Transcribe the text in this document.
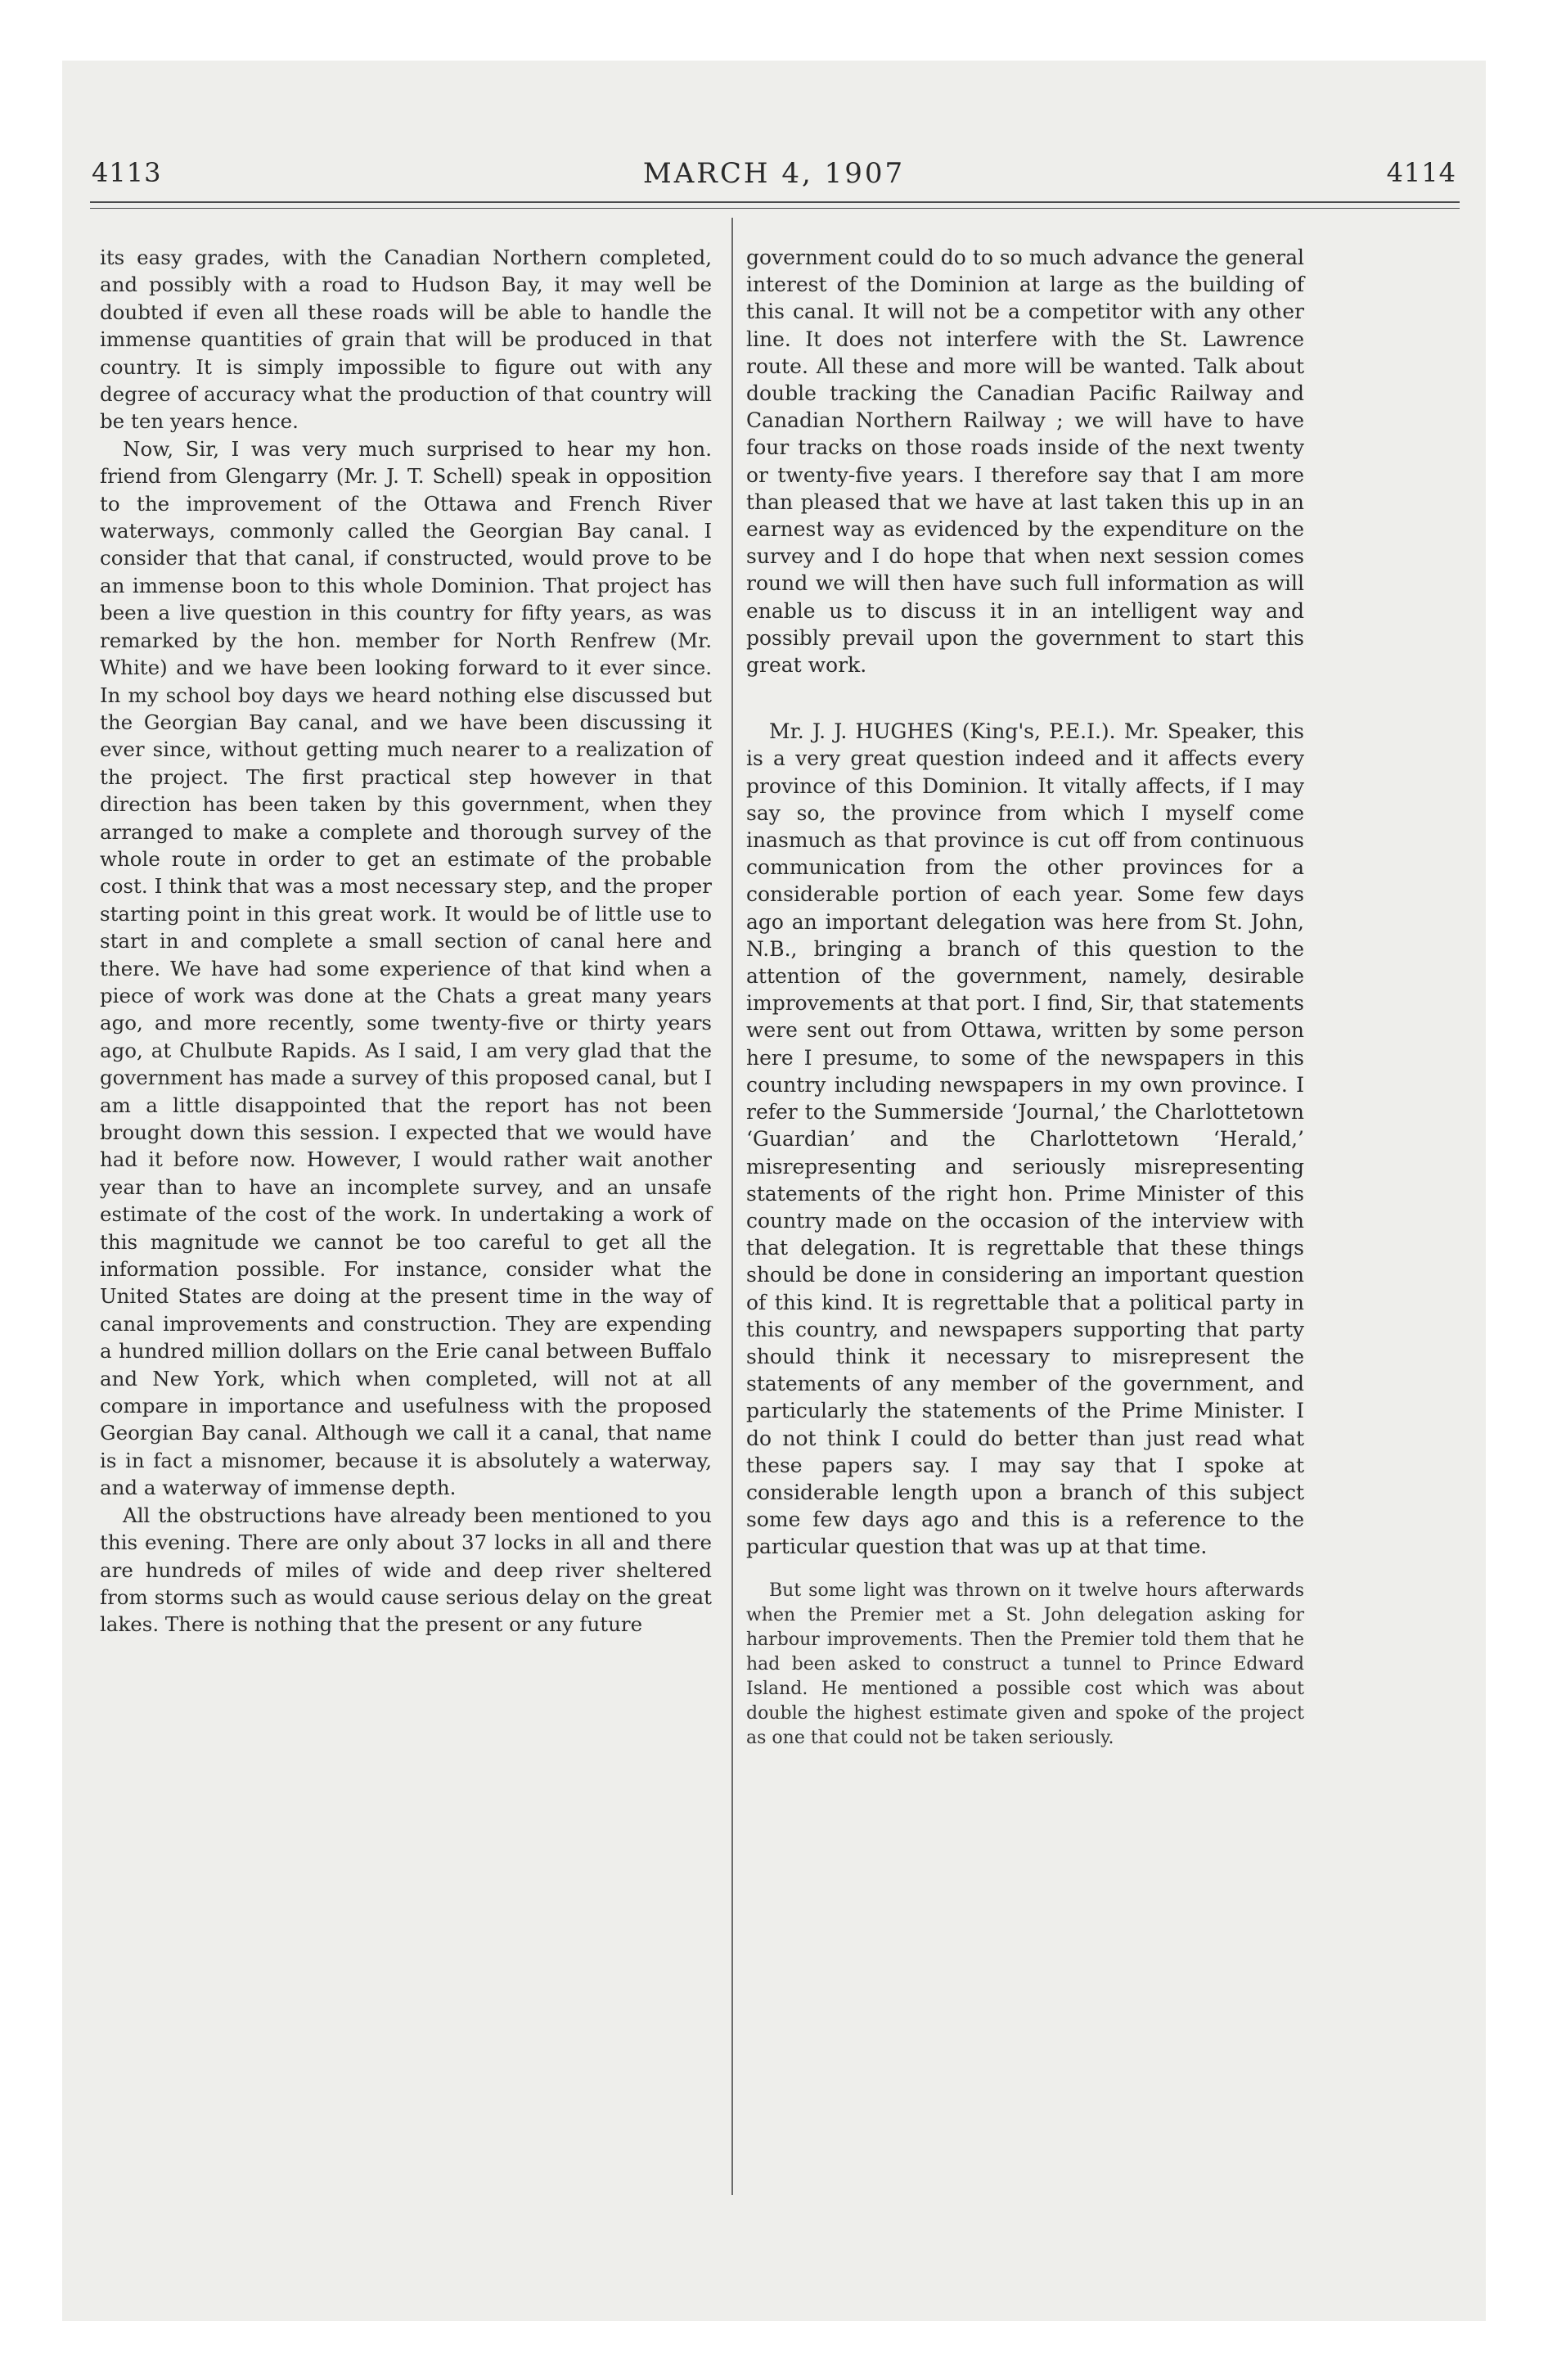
4113	MARCH 4, 1907	4114

its easy grades, with the Canadian Northern completed, and possibly with a road to Hudson Bay, it may well be doubted if even all these roads will be able to handle the immense quantities of grain that will be produced in that country. It is simply impossible to figure out with any degree of accuracy what the production of that country will be ten years hence.

Now, Sir, I was very much surprised to hear my hon. friend from Glengarry (Mr. J. T. Schell) speak in opposition to the improvement of the Ottawa and French River waterways, commonly called the Georgian Bay canal. I consider that that canal, if constructed, would prove to be an immense boon to this whole Dominion. That project has been a live question in this country for fifty years, as was remarked by the hon. member for North Renfrew (Mr. White) and we have been looking forward to it ever since. In my school boy days we heard nothing else discussed but the Georgian Bay canal, and we have been discussing it ever since, without getting much nearer to a realization of the project. The first practical step however in that direction has been taken by this government, when they arranged to make a complete and thorough survey of the whole route in order to get an estimate of the probable cost. I think that was a most necessary step, and the proper starting point in this great work. It would be of little use to start in and complete a small section of canal here and there. We have had some experience of that kind when a piece of work was done at the Chats a great many years ago, and more recently, some twenty-five or thirty years ago, at Chulbute Rapids. As I said, I am very glad that the government has made a survey of this proposed canal, but I am a little disappointed that the report has not been brought down this session. I expected that we would have had it before now. However, I would rather wait another year than to have an incomplete survey, and an unsafe estimate of the cost of the work. In undertaking a work of this magnitude we cannot be too careful to get all the information possible. For instance, consider what the United States are doing at the present time in the way of canal improvements and construction. They are expending a hundred million dollars on the Erie canal between Buffalo and New York, which when completed, will not at all compare in importance and usefulness with the proposed Georgian Bay canal. Although we call it a canal, that name is in fact a misnomer, because it is absolutely a waterway, and a waterway of immense depth.

All the obstructions have already been mentioned to you this evening. There are only about 37 locks in all and there are hundreds of miles of wide and deep river sheltered from storms such as would cause serious delay on the great lakes. There is nothing that the present or any future

government could do to so much advance the general interest of the Dominion at large as the building of this canal. It will not be a competitor with any other line. It does not interfere with the St. Lawrence route. All these and more will be wanted. Talk about double tracking the Canadian Pacific Railway and Canadian Northern Railway ; we will have to have four tracks on those roads inside of the next twenty or twenty-five years. I therefore say that I am more than pleased that we have at last taken this up in an earnest way as evidenced by the expenditure on the survey and I do hope that when next session comes round we will then have such full information as will enable us to discuss it in an intelligent way and possibly prevail upon the government to start this great work.

Mr. J. J. HUGHES (King's, P.E.I.). Mr. Speaker, this is a very great question indeed and it affects every province of this Dominion. It vitally affects, if I may say so, the province from which I myself come inasmuch as that province is cut off from continuous communication from the other provinces for a considerable portion of each year. Some few days ago an important delegation was here from St. John, N.B., bringing a branch of this question to the attention of the government, namely, desirable improvements at that port. I find, Sir, that statements were sent out from Ottawa, written by some person here I presume, to some of the newspapers in this country including newspapers in my own province. I refer to the Summerside ‘Journal,’ the Charlottetown ‘Guardian’ and the Charlottetown ‘Herald,’ misrepresenting and seriously misrepresenting statements of the right hon. Prime Minister of this country made on the occasion of the interview with that delegation. It is regrettable that these things should be done in considering an important question of this kind. It is regrettable that a political party in this country, and newspapers supporting that party should think it necessary to misrepresent the statements of any member of the government, and particularly the statements of the Prime Minister. I do not think I could do better than just read what these papers say. I may say that I spoke at considerable length upon a branch of this subject some few days ago and this is a reference to the particular question that was up at that time.

But some light was thrown on it twelve hours afterwards when the Premier met a St. John delegation asking for harbour improvements. Then the Premier told them that he had been asked to construct a tunnel to Prince Edward Island. He mentioned a possible cost which was about double the highest estimate given and spoke of the project as one that could not be taken seriously.
